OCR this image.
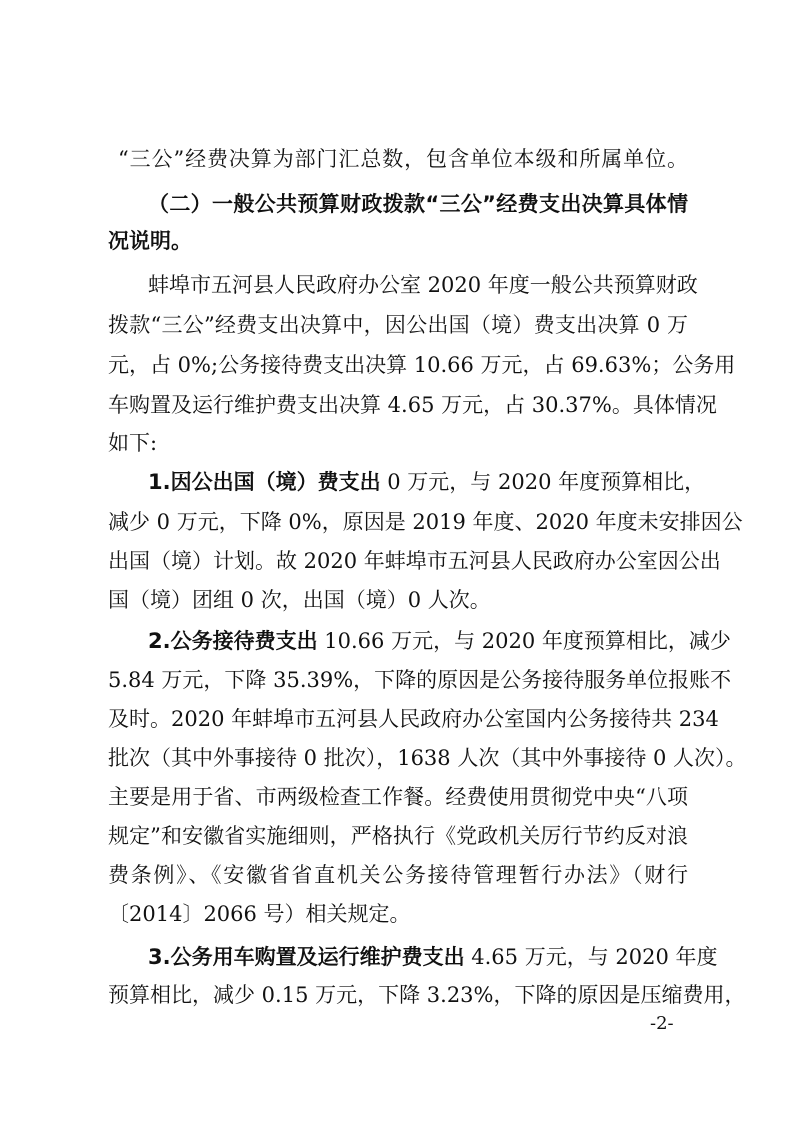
“三公”经费决算为部门汇总数，包含单位本级和所属单位。
（二）一般公共预算财政拨款“三公”经费支出决算具体情
况说明。
蚌埠市五河县人民政府办公室 2020 年度一般公共预算财政
拨款“三公”经费支出决算中，因公出国（境）费支出决算 0 万
元，占 0%;公务接待费支出决算 10.66 万元，占 69.63%；公务用
车购置及运行维护费支出决算 4.65 万元，占 30.37%。具体情况
如下:
1.因公出国（境）费支出 0 万元，与 2020 年度预算相比，
减少 0 万元，下降 0%，原因是 2019 年度、2020 年度未安排因公
出国（境）计划。故 2020 年蚌埠市五河县人民政府办公室因公出
国（境）团组 0 次，出国（境）0 人次。
2.公务接待费支出 10.66 万元，与 2020 年度预算相比，减少
5.84 万元，下降 35.39%，下降的原因是公务接待服务单位报账不
及时。2020 年蚌埠市五河县人民政府办公室国内公务接待共 234
批次（其中外事接待 0 批次），1638 人次（其中外事接待 0 人次）。
主要是用于省、市两级检查工作餐。经费使用贯彻党中央“八项
规定”和安徽省实施细则，严格执行《党政机关厉行节约反对浪
费条例》、《安徽省省直机关公务接待管理暂行办法》（财行
〔2014〕2066 号）相关规定。
3.公务用车购置及运行维护费支出 4.65 万元，与 2020 年度
预算相比，减少 0.15 万元，下降 3.23%，下降的原因是压缩费用，
-2-
